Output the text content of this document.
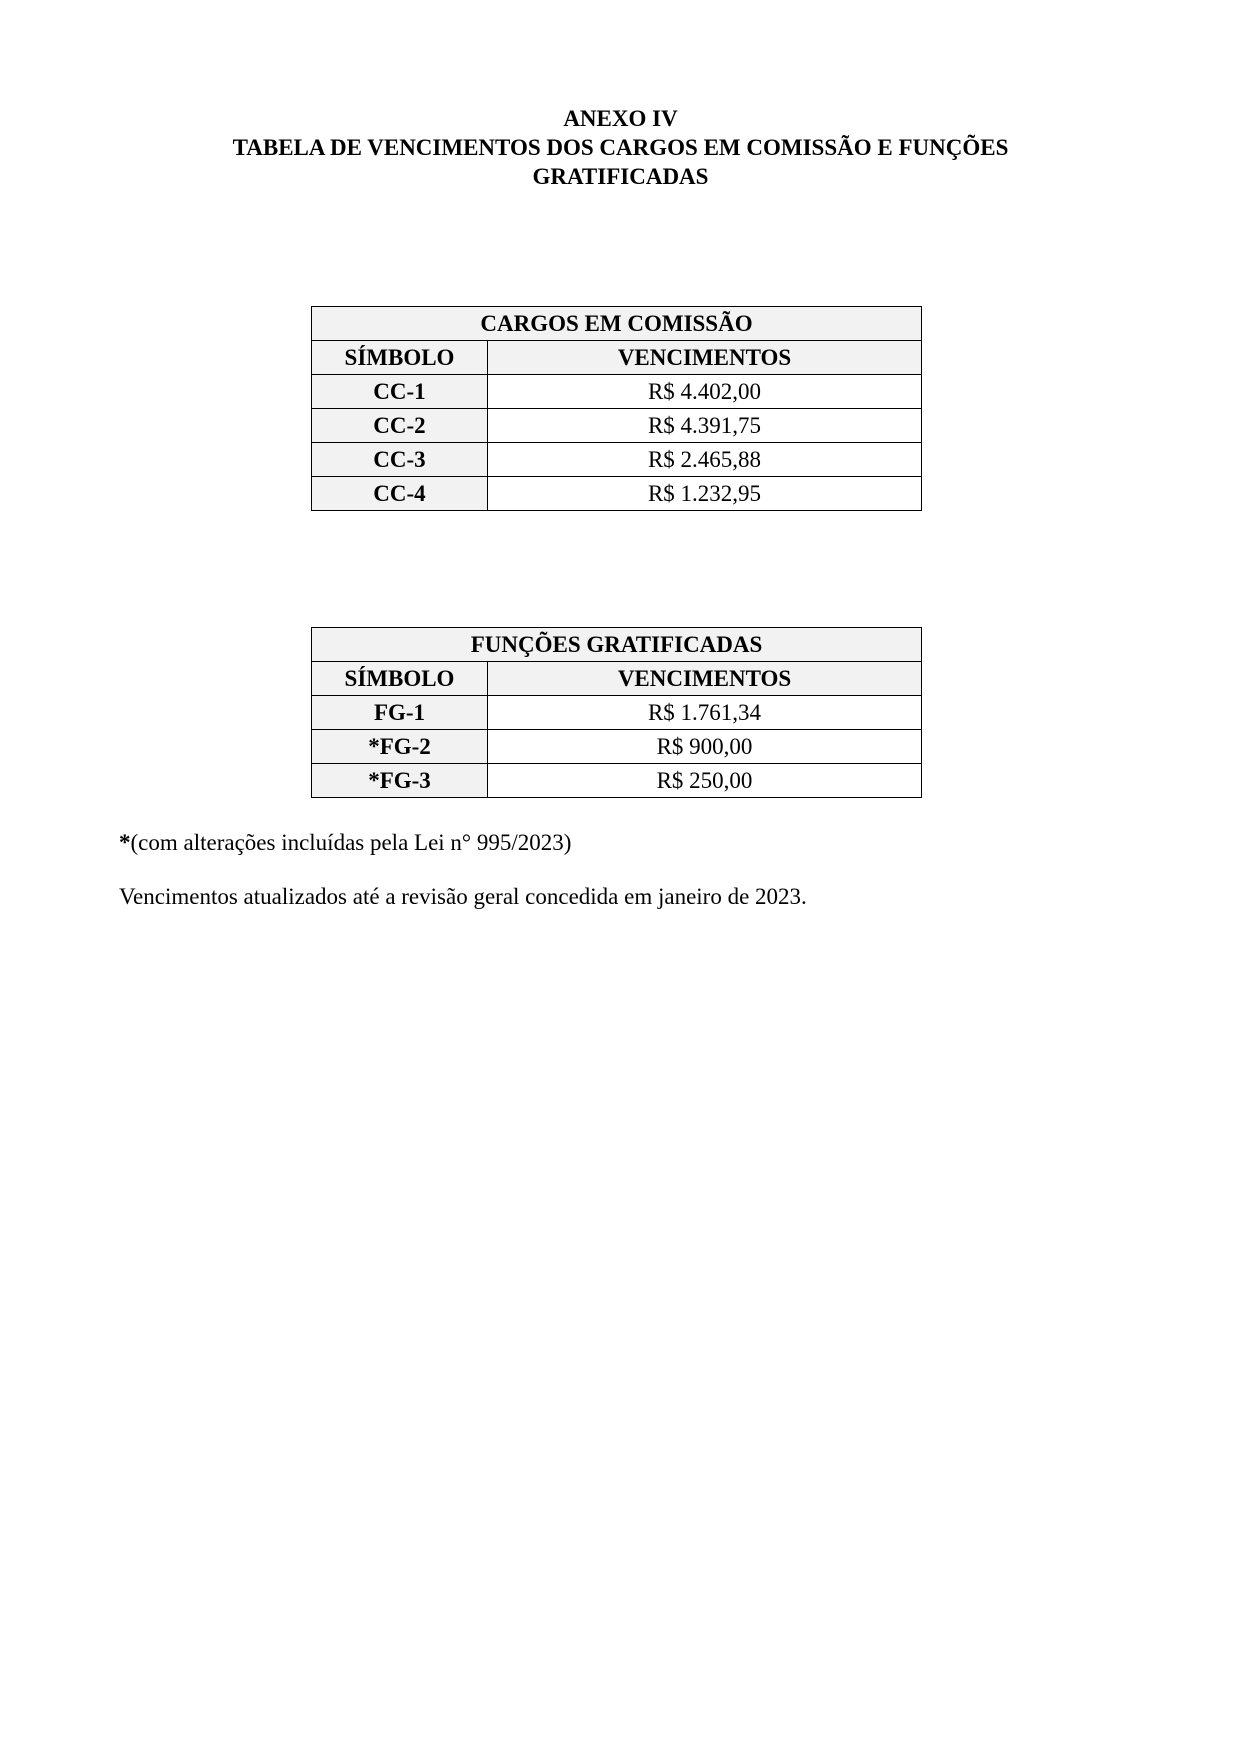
ANEXO IV
TABELA DE VENCIMENTOS DOS CARGOS EM COMISSÃO E FUNÇÕES
GRATIFICADAS
CARGOS EM COMISSÃO	
SÍMBOLO	VENCIMENTOS
CC-1	R$ 4.402,00
CC-2	R$ 4.391,75
CC-3	R$ 2.465,88
CC-4	R$ 1.232,95
FUNÇÕES GRATIFICADAS	
SÍMBOLO	VENCIMENTOS
FG-1	R$ 1.761,34
*FG-2	R$ 900,00
*FG-3	R$ 250,00
*(com alterações incluídas pela Lei n° 995/2023)
Vencimentos atualizados até a revisão geral concedida em janeiro de 2023.
